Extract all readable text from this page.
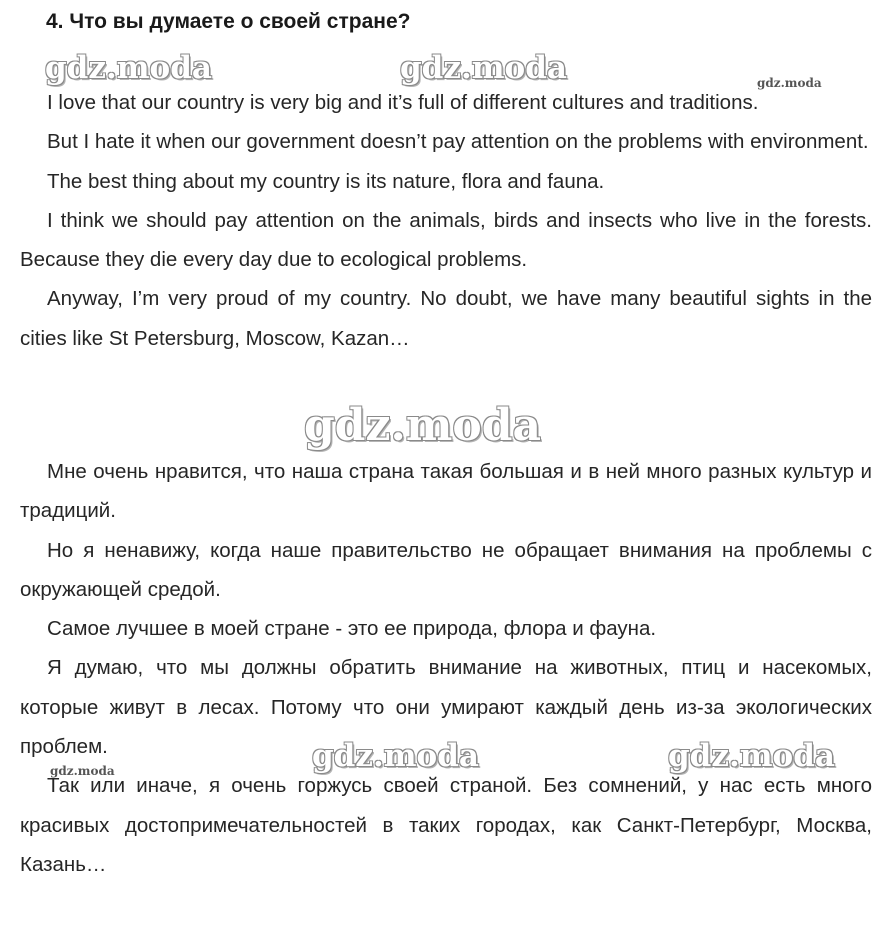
4. Что вы думаете о своей стране?

I love that our country is very big and it’s full of different cultures and traditions.

But I hate it when our government doesn’t pay attention on the problems with environment.

The best thing about my country is its nature, flora and fauna.

I think we should pay attention on the animals, birds and insects who live in the forests. Because they die every day due to ecological problems.

Anyway, I’m very proud of my country. No doubt, we have many beautiful sights in the cities like St Petersburg, Moscow, Kazan…

Мне очень нравится, что наша страна такая большая и в ней много разных культур и традиций.

Но я ненавижу, когда наше правительство не обращает внимания на проблемы с окружающей средой.

Самое лучшее в моей стране - это ее природа, флора и фауна.

Я думаю, что мы должны обратить внимание на животных, птиц и насекомых, которые живут в лесах. Потому что они умирают каждый день из-за экологических проблем.

Так или иначе, я очень горжусь своей страной. Без сомнений, у нас есть много красивых достопримечательностей в таких городах, как Санкт-Петербург, Москва, Казань…

gdz.moda	gdz.moda	gdz.moda
gdz.moda
gdz.moda	gdz.moda	gdz.moda
